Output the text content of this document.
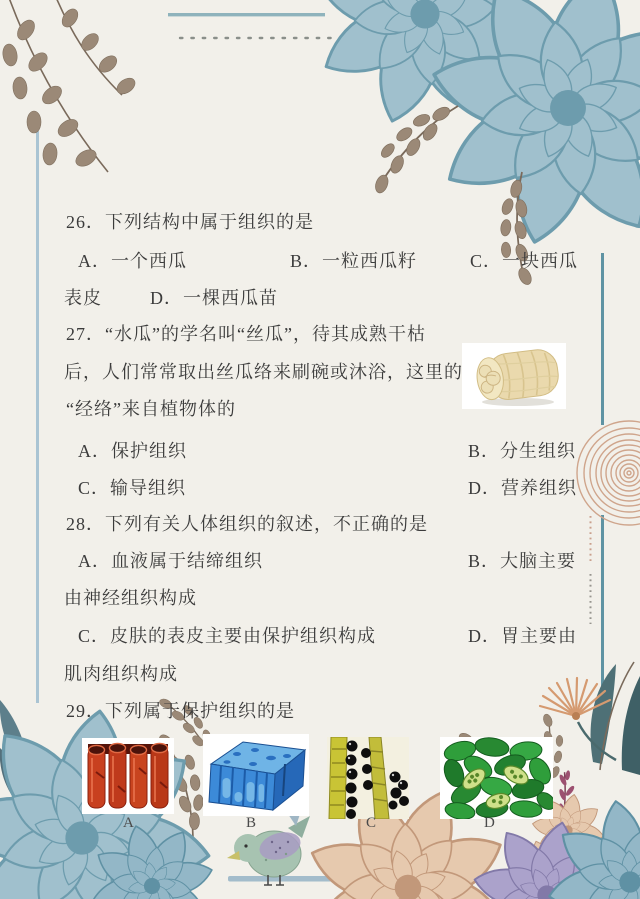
26．下列结构中属于组织的是
A．一个西瓜	B．一粒西瓜籽	C．一块西瓜
表皮	D．一棵西瓜苗
27．“水瓜”的学名叫“丝瓜”，待其成熟干枯
后，人们常常取出丝瓜络来刷碗或沐浴，这里的
“经络”来自植物体的
A．保护组织	B．分生组织
C．输导组织	D．营养组织
28．下列有关人体组织的叙述，不正确的是
A．血液属于结缔组织	B．大脑主要
由神经组织构成
C．皮肤的表皮主要由保护组织构成	D．胃主要由
肌肉组织构成
29．下列属于保护组织的是
A	B	C	D
